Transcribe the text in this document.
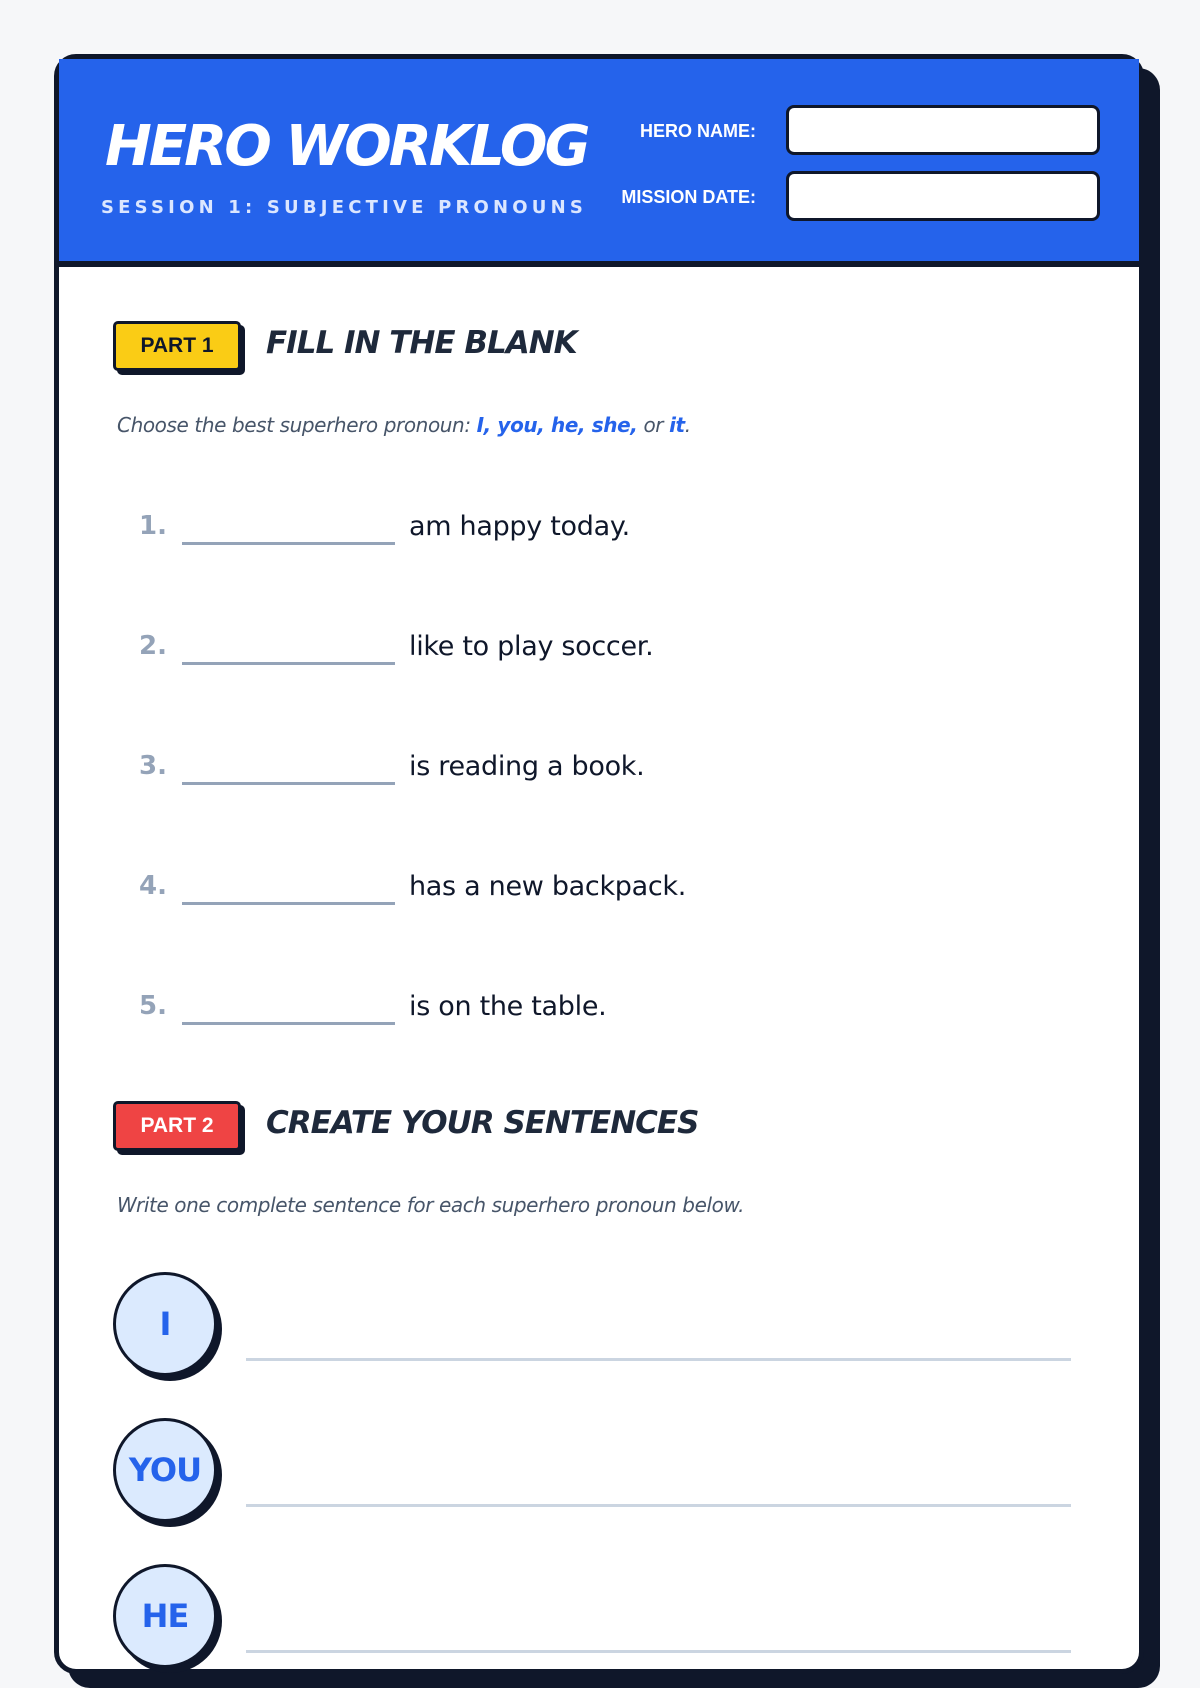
HERO WORKLOG
SESSION 1: SUBJECTIVE PRONOUNS
HERO NAME:
MISSION DATE:
PART 1	FILL IN THE BLANK
Choose the best superhero pronoun: I, you, he, she, or it.
1.	am happy today.
2.	like to play soccer.
3.	is reading a book.
4.	has a new backpack.
5.	is on the table.
PART 2	CREATE YOUR SENTENCES
Write one complete sentence for each superhero pronoun below.
I
YOU
HE
